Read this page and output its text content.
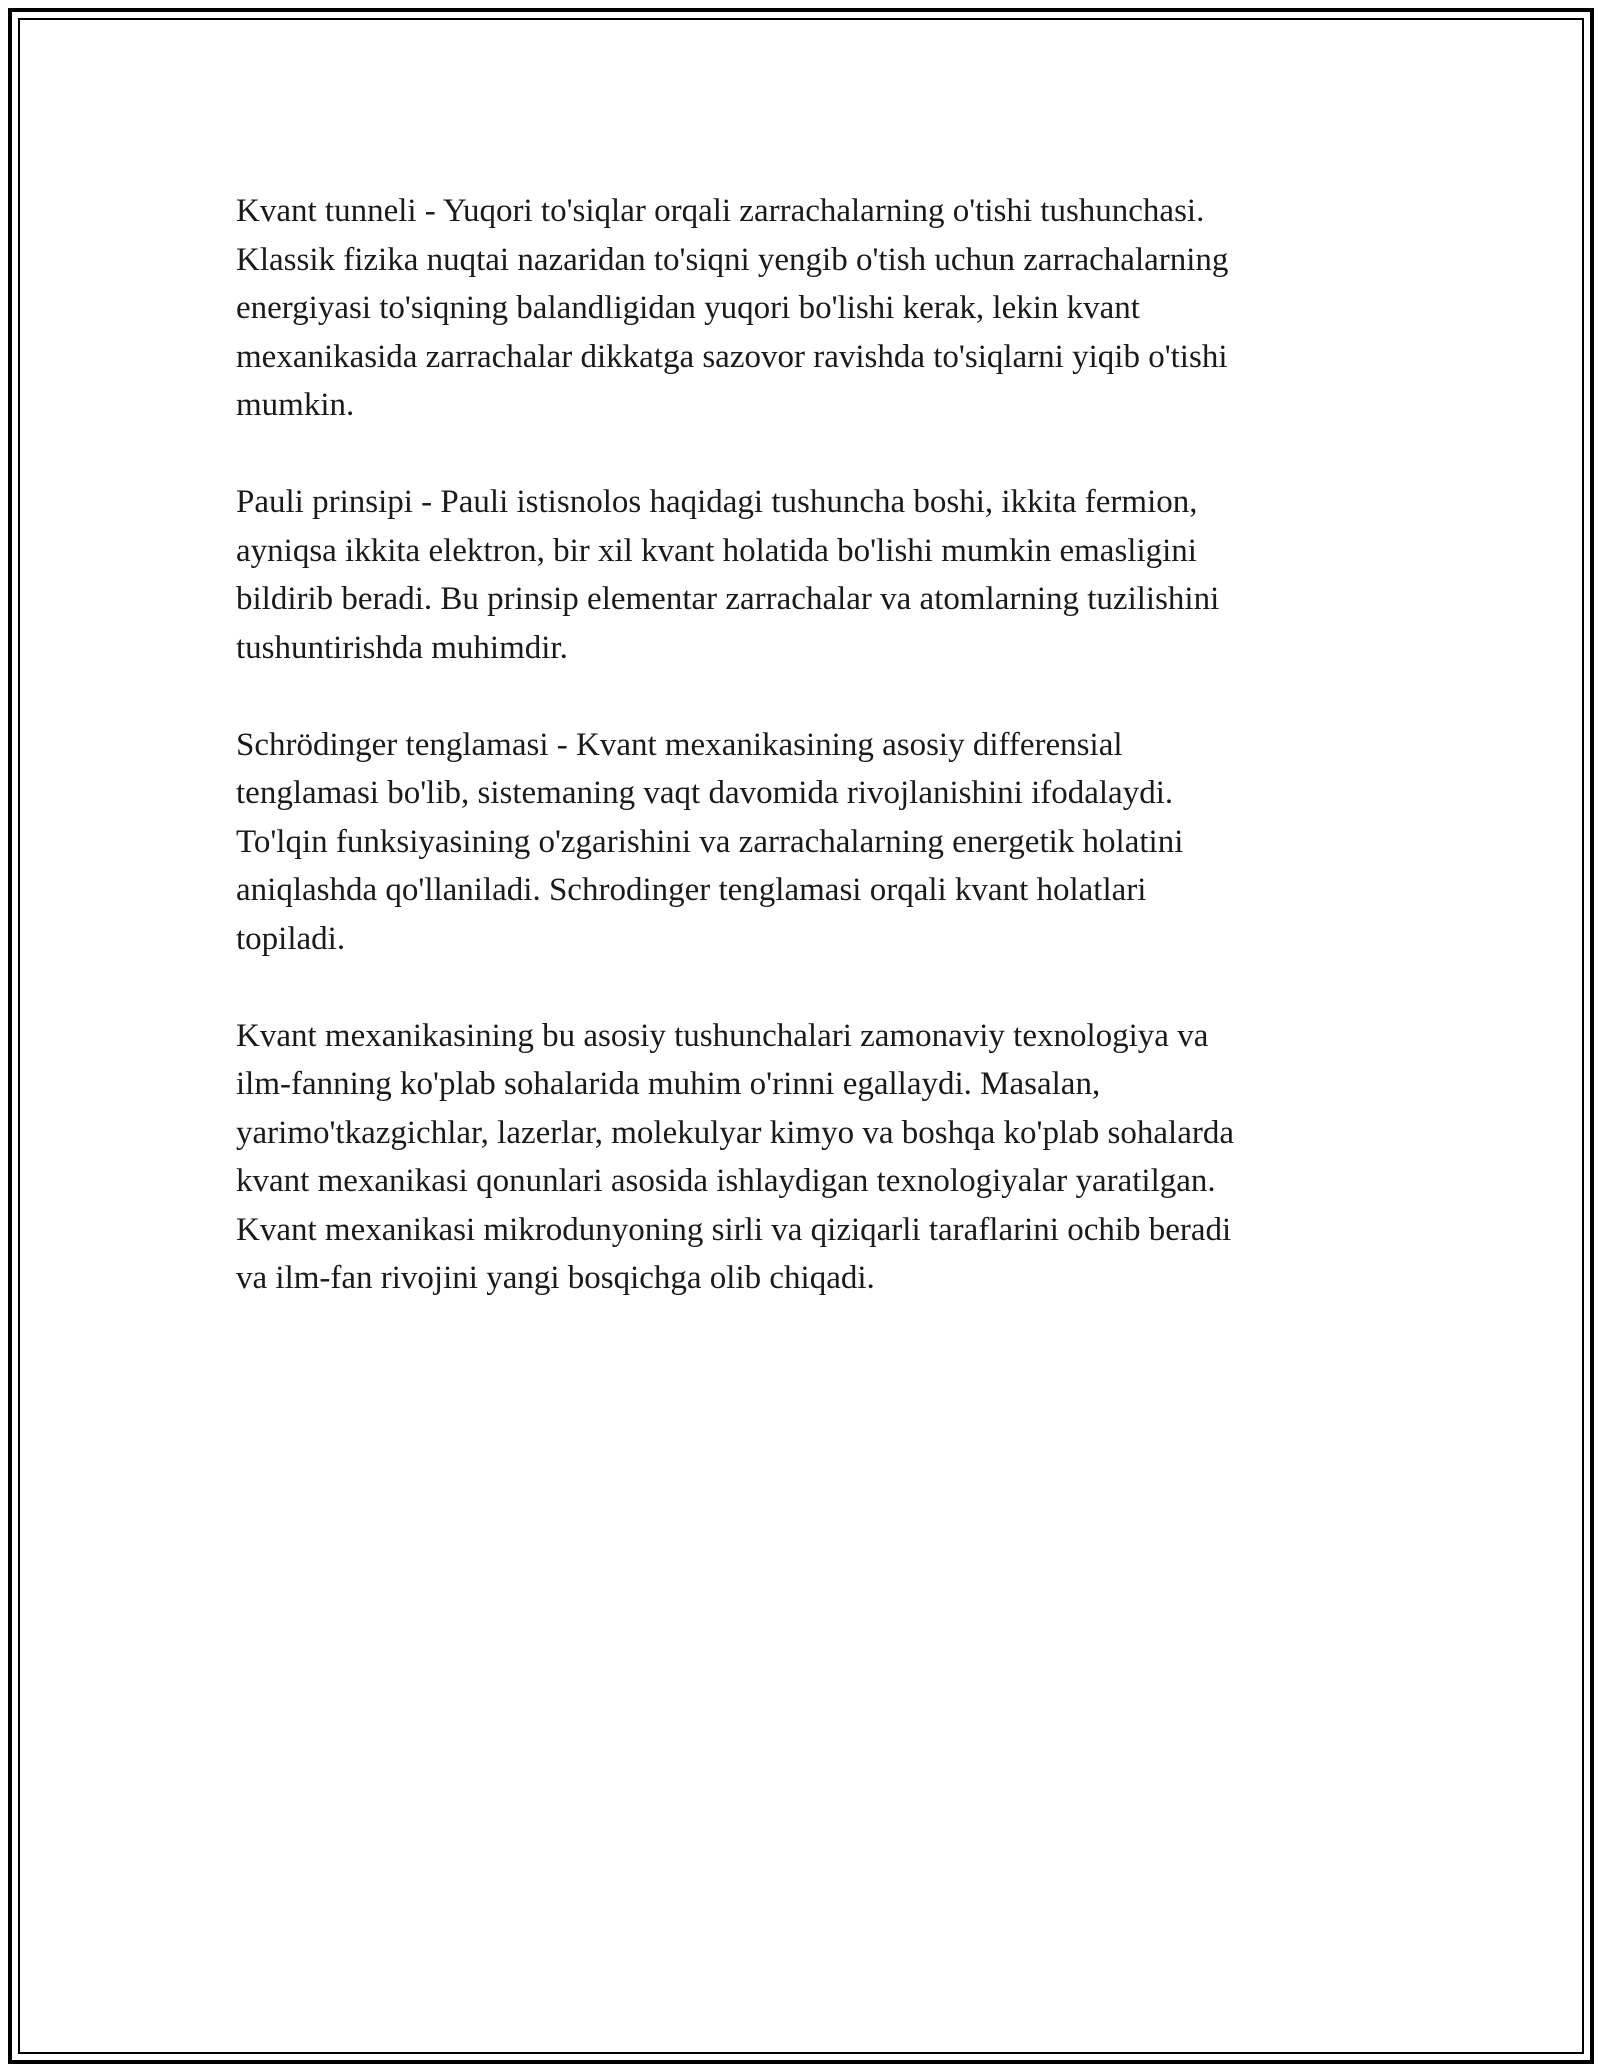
Kvant tunneli - Yuqori to'siqlar orqali zarrachalarning o'tishi tushunchasi.
Klassik fizika nuqtai nazaridan to'siqni yengib o'tish uchun zarrachalarning
energiyasi to'siqning balandligidan yuqori bo'lishi kerak, lekin kvant
mexanikasida zarrachalar dikkatga sazovor ravishda to'siqlarni yiqib o'tishi
mumkin.

Pauli prinsipi - Pauli istisnolos haqidagi tushuncha boshi, ikkita fermion,
ayniqsa ikkita elektron, bir xil kvant holatida bo'lishi mumkin emasligini
bildirib beradi. Bu prinsip elementar zarrachalar va atomlarning tuzilishini
tushuntirishda muhimdir.

Schrödinger tenglamasi - Kvant mexanikasining asosiy differensial
tenglamasi bo'lib, sistemaning vaqt davomida rivojlanishini ifodalaydi.
To'lqin funksiyasining o'zgarishini va zarrachalarning energetik holatini
aniqlashda qo'llaniladi. Schrodinger tenglamasi orqali kvant holatlari
topiladi.

Kvant mexanikasining bu asosiy tushunchalari zamonaviy texnologiya va
ilm-fanning ko'plab sohalarida muhim o'rinni egallaydi. Masalan,
yarimo'tkazgichlar, lazerlar, molekulyar kimyo va boshqa ko'plab sohalarda
kvant mexanikasi qonunlari asosida ishlaydigan texnologiyalar yaratilgan.
Kvant mexanikasi mikrodunyoning sirli va qiziqarli taraflarini ochib beradi
va ilm-fan rivojini yangi bosqichga olib chiqadi.
